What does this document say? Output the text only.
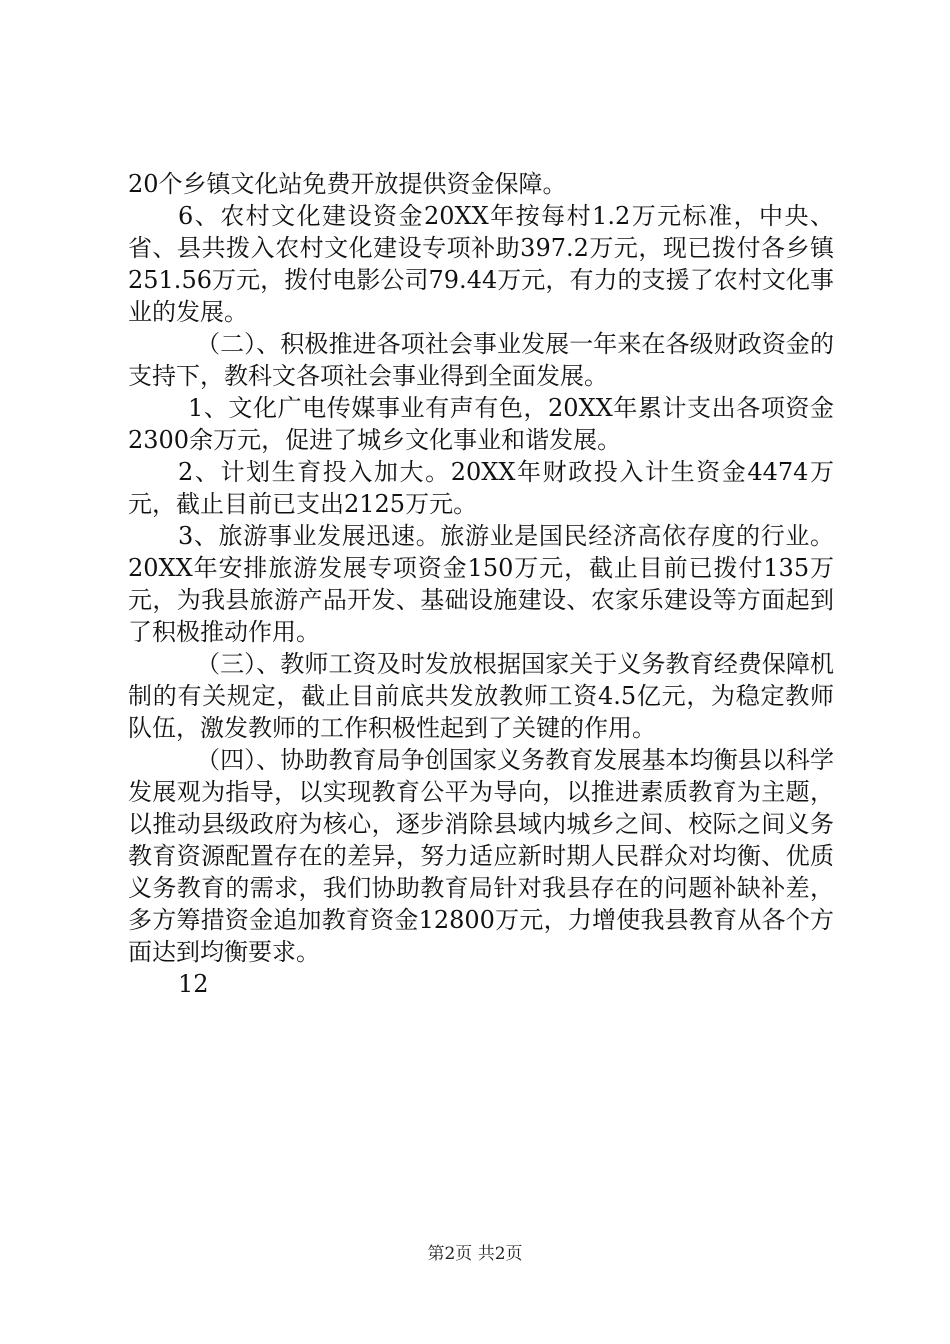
20个乡镇文化站免费开放提供资金保障。

6、农村文化建设资金20XX年按每村1.2万元标准，中央、省、县共拨入农村文化建设专项补助397.2万元，现已拨付各乡镇251.56万元，拨付电影公司79.44万元，有力的支援了农村文化事业的发展。

（二）、积极推进各项社会事业发展一年来在各级财政资金的支持下，教科文各项社会事业得到全面发展。

1、文化广电传媒事业有声有色，20XX年累计支出各项资金2300余万元，促进了城乡文化事业和谐发展。

2、计划生育投入加大。20XX年财政投入计生资金4474万元，截止目前已支出2125万元。

3、旅游事业发展迅速。旅游业是国民经济高依存度的行业。20XX年安排旅游发展专项资金150万元，截止目前已拨付135万元，为我县旅游产品开发、基础设施建设、农家乐建设等方面起到了积极推动作用。

（三）、教师工资及时发放根据国家关于义务教育经费保障机制的有关规定，截止目前底共发放教师工资4.5亿元，为稳定教师队伍，激发教师的工作积极性起到了关键的作用。

（四）、协助教育局争创国家义务教育发展基本均衡县以科学发展观为指导，以实现教育公平为导向，以推进素质教育为主题，以推动县级政府为核心，逐步消除县域内城乡之间、校际之间义务教育资源配置存在的差异，努力适应新时期人民群众对均衡、优质义务教育的需求，我们协助教育局针对我县存在的问题补缺补差，多方筹措资金追加教育资金12800万元，力增使我县教育从各个方面达到均衡要求。

12

第2页 共2页
